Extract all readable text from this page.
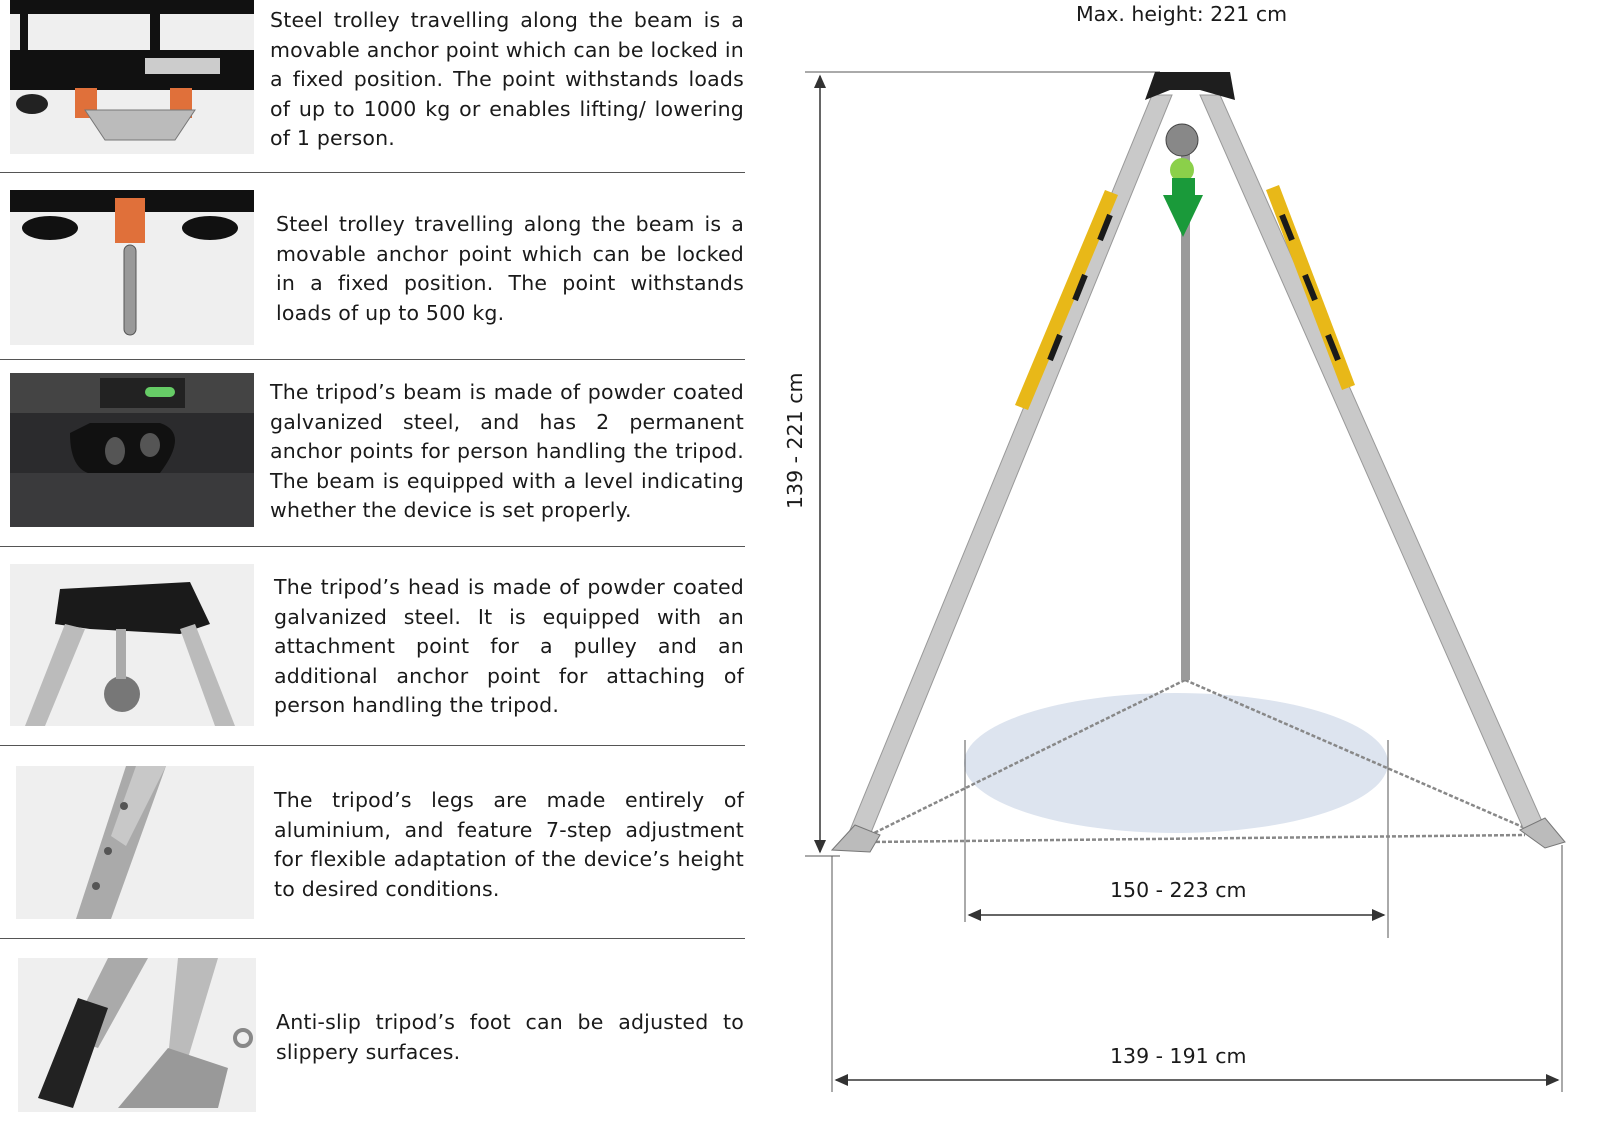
Steel trolley travelling along the beam is a movable anchor point which can be locked in a fixed position. The point withstands loads of up to 1000 kg or enables lifting/ lowering of 1 person.
Steel trolley travelling along the beam is a movable anchor point which can be locked in a fixed position. The point withstands loads of up to 500 kg.
The tripod’s beam is made of powder coated galvanized steel, and has 2 permanent anchor points for person handling the tripod. The beam is equipped with a level indicating whether the device is set properly.
The tripod’s head is made of powder coated galvanized steel. It is equipped with an attachment point for a pulley and an additional anchor point for attaching of person handling the tripod.
The tripod’s legs are made entirely of aluminium, and feature 7-step adjustment for flexible adaptation of the device’s height to desired conditions.
Anti-slip tripod’s foot can be adjusted to slippery surfaces.
Max. height: 221 cm
139 - 221 cm
150 - 223 cm
139 - 191 cm
